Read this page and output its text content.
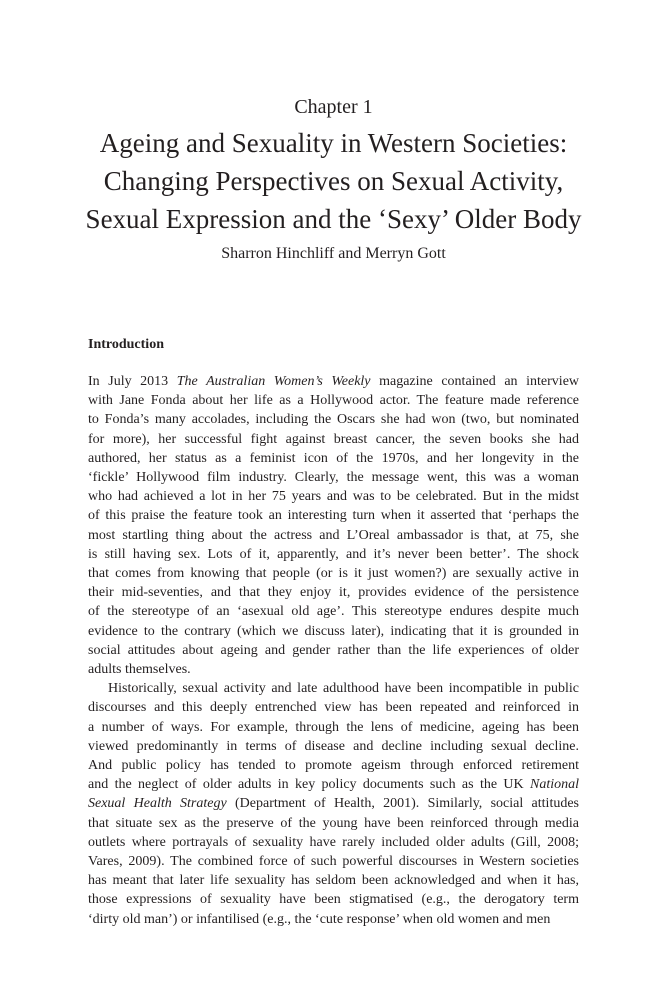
Chapter 1
Ageing and Sexuality in Western Societies:
Changing Perspectives on Sexual Activity,
Sexual Expression and the ‘Sexy’ Older Body
Sharron Hinchliff and Merryn Gott
Introduction

In July 2013 The Australian Women’s Weekly magazine contained an interview
with Jane Fonda about her life as a Hollywood actor. The feature made reference
to Fonda’s many accolades, including the Oscars she had won (two, but nominated
for more), her successful fight against breast cancer, the seven books she had
authored, her status as a feminist icon of the 1970s, and her longevity in the
‘fickle’ Hollywood film industry. Clearly, the message went, this was a woman
who had achieved a lot in her 75 years and was to be celebrated. But in the midst
of this praise the feature took an interesting turn when it asserted that ‘perhaps the
most startling thing about the actress and L’Oreal ambassador is that, at 75, she
is still having sex. Lots of it, apparently, and it’s never been better’. The shock
that comes from knowing that people (or is it just women?) are sexually active in
their mid-seventies, and that they enjoy it, provides evidence of the persistence
of the stereotype of an ‘asexual old age’. This stereotype endures despite much
evidence to the contrary (which we discuss later), indicating that it is grounded in
social attitudes about ageing and gender rather than the life experiences of older
adults themselves.

Historically, sexual activity and late adulthood have been incompatible in public
discourses and this deeply entrenched view has been repeated and reinforced in
a number of ways. For example, through the lens of medicine, ageing has been
viewed predominantly in terms of disease and decline including sexual decline.
And public policy has tended to promote ageism through enforced retirement
and the neglect of older adults in key policy documents such as the UK National
Sexual Health Strategy (Department of Health, 2001). Similarly, social attitudes
that situate sex as the preserve of the young have been reinforced through media
outlets where portrayals of sexuality have rarely included older adults (Gill, 2008;
Vares, 2009). The combined force of such powerful discourses in Western societies
has meant that later life sexuality has seldom been acknowledged and when it has,
those expressions of sexuality have been stigmatised (e.g., the derogatory term
‘dirty old man’) or infantilised (e.g., the ‘cute response’ when old women and men
